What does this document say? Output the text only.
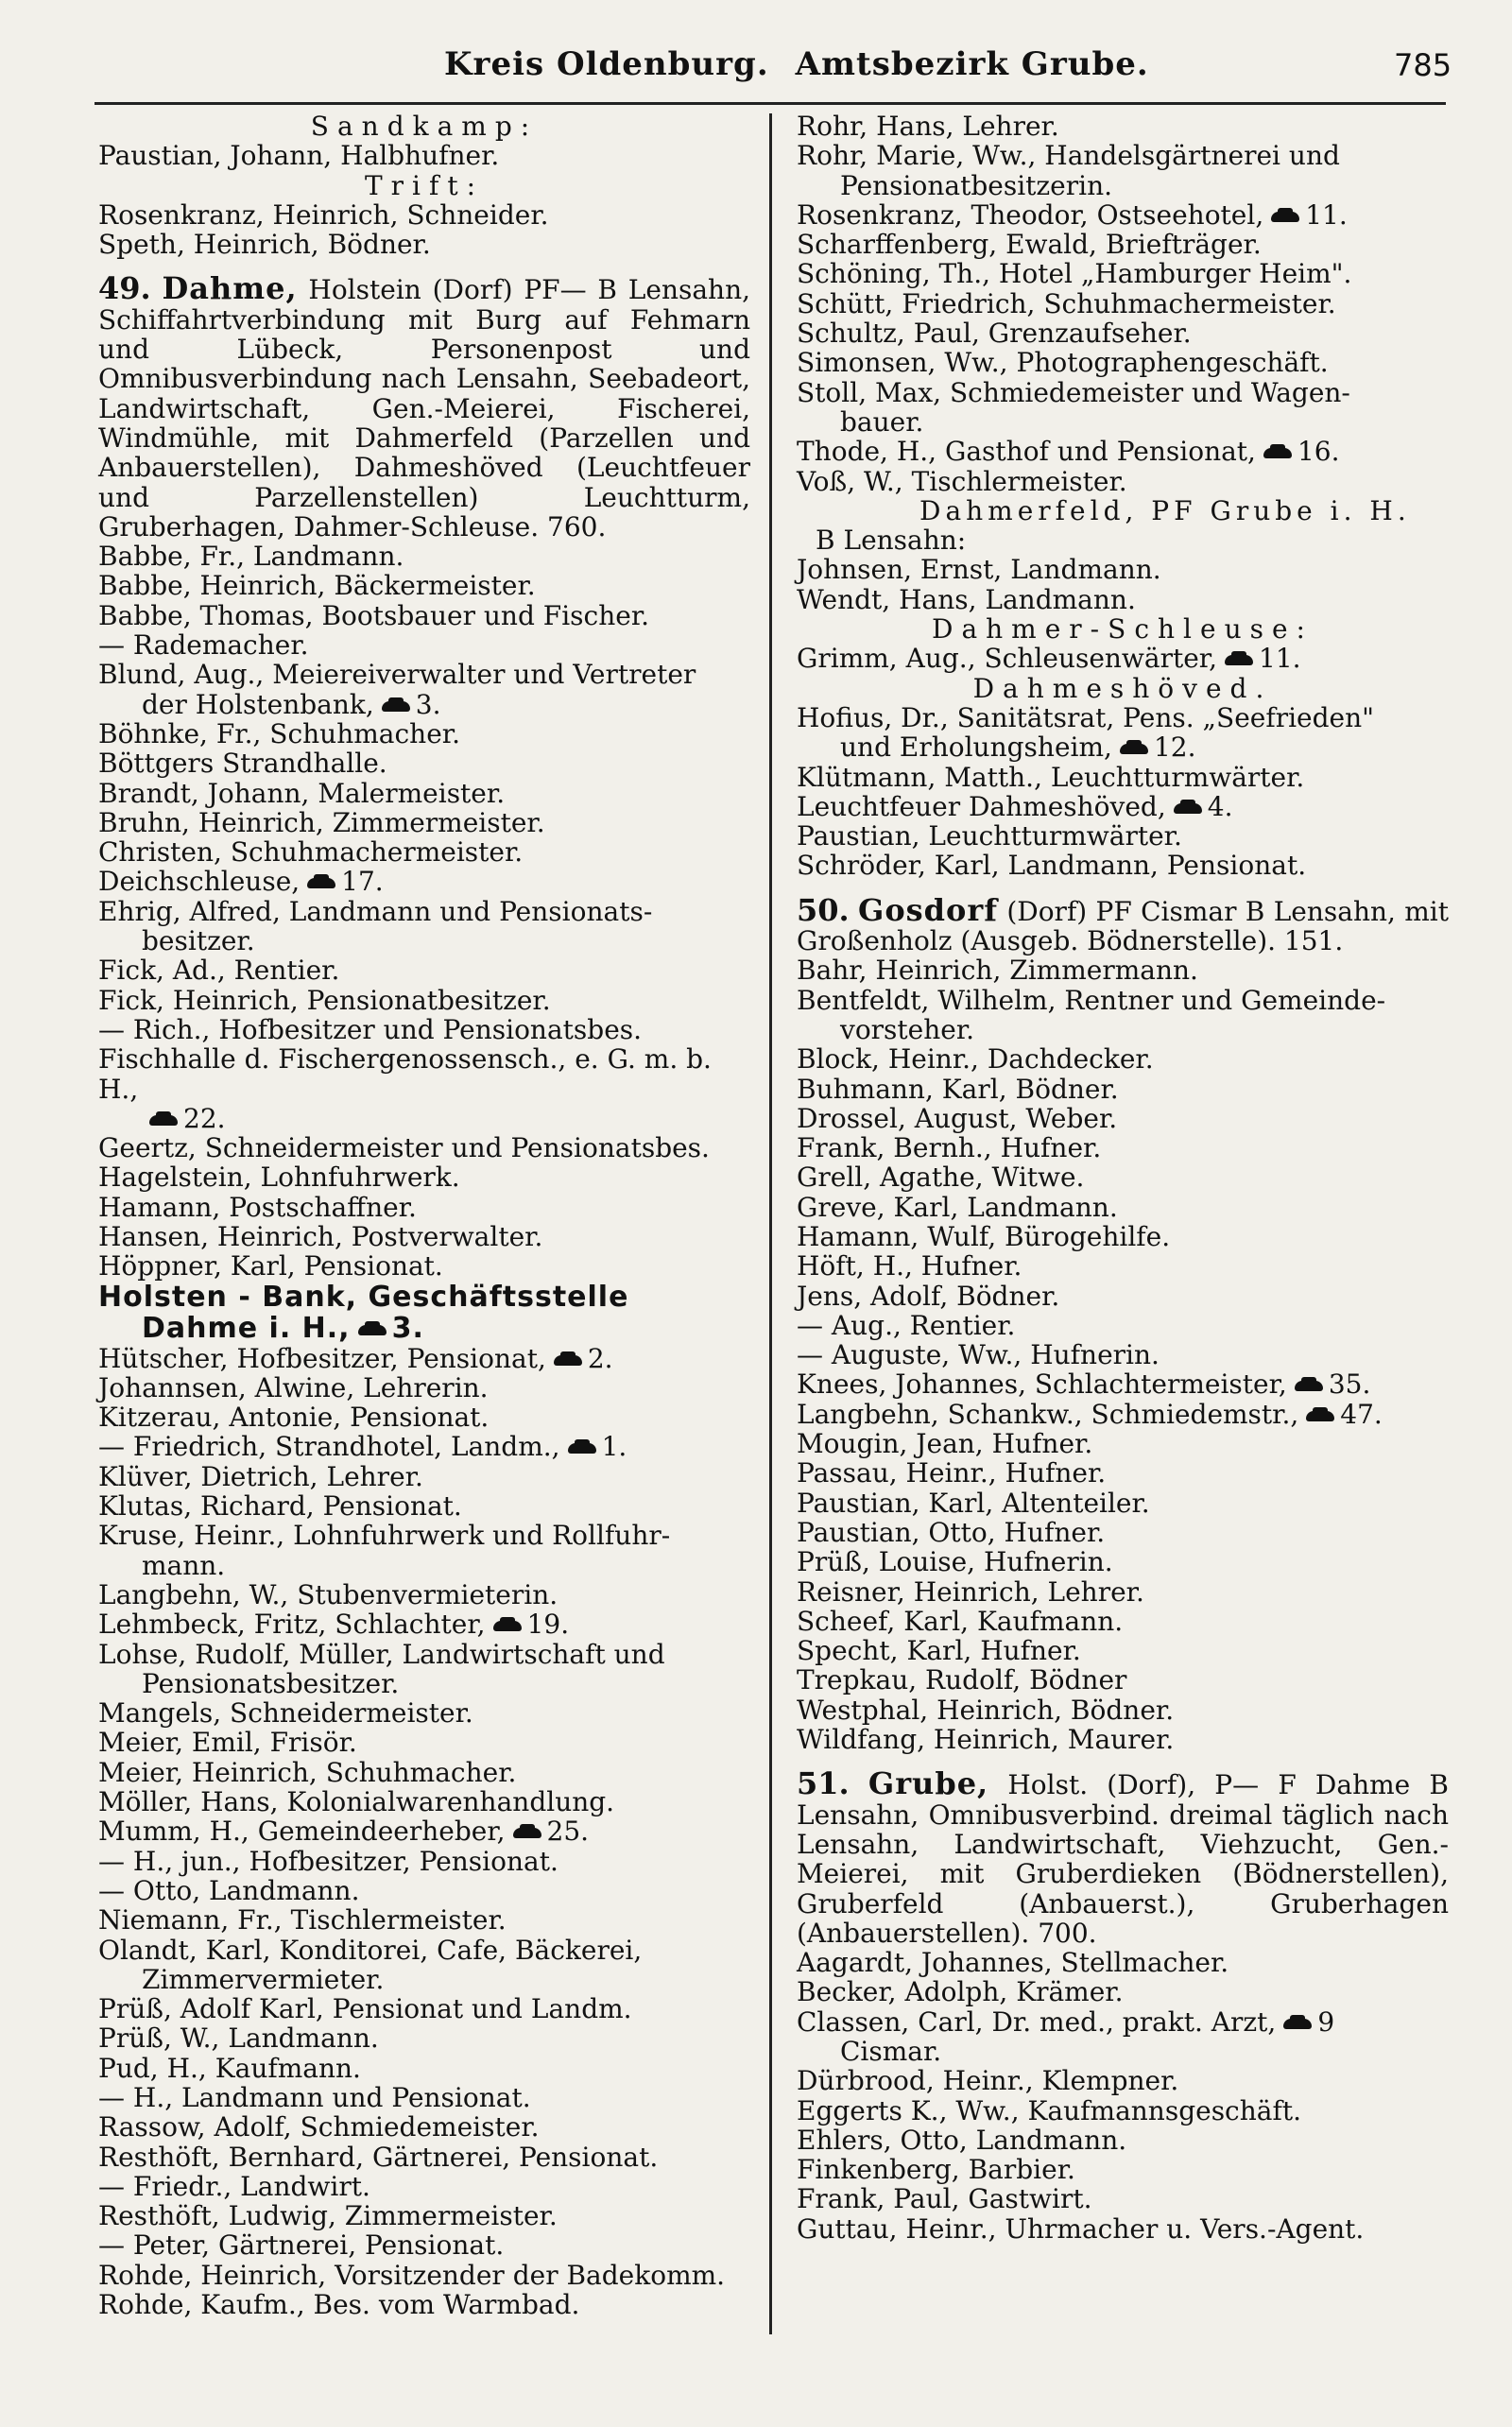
Kreis Oldenburg. Amtsbezirk Grube.	785

Sandkamp:

Paustian, Johann, Halbhufner.

Trift:

Rosenkranz, Heinrich, Schneider.

Speth, Heinrich, Bödner.

49. Dahme, Holstein (Dorf) PF— B Lensahn, Schiffahrtverbindung mit Burg auf Fehmarn und Lübeck, Personenpost und Omnibusverbindung nach Lensahn, Seebadeort, Landwirtschaft, Gen.-Meierei, Fischerei, Windmühle, mit Dahmerfeld (Parzellen und Anbauerstellen), Dahmeshöved (Leuchtfeuer und Parzellenstellen) Leuchtturm, Gruberhagen, Dahmer-Schleuse. 760.

Babbe, Fr., Landmann.

Babbe, Heinrich, Bäckermeister.

Babbe, Thomas, Bootsbauer und Fischer.

— Rademacher.

Blund, Aug., Meiereiverwalter und Vertreter
der Holstenbank, 3.

Böhnke, Fr., Schuhmacher.

Böttgers Strandhalle.

Brandt, Johann, Malermeister.

Bruhn, Heinrich, Zimmermeister.

Christen, Schuhmachermeister.

Deichschleuse, 17.

Ehrig, Alfred, Landmann und Pensionats-
besitzer.

Fick, Ad., Rentier.

Fick, Heinrich, Pensionatbesitzer.

— Rich., Hofbesitzer und Pensionatsbes.

Fischhalle d. Fischergenossensch., e. G. m. b. H.,
22.

Geertz, Schneidermeister und Pensionatsbes.

Hagelstein, Lohnfuhrwerk.

Hamann, Postschaffner.

Hansen, Heinrich, Postverwalter.

Höppner, Karl, Pensionat.

Holsten - Bank, Geschäftsstelle
Dahme i. H., 3.

Hütscher, Hofbesitzer, Pensionat, 2.

Johannsen, Alwine, Lehrerin.

Kitzerau, Antonie, Pensionat.

— Friedrich, Strandhotel, Landm., 1.

Klüver, Dietrich, Lehrer.

Klutas, Richard, Pensionat.

Kruse, Heinr., Lohnfuhrwerk und Rollfuhr-
mann.

Langbehn, W., Stubenvermieterin.

Lehmbeck, Fritz, Schlachter, 19.

Lohse, Rudolf, Müller, Landwirtschaft und
Pensionatsbesitzer.

Mangels, Schneidermeister.

Meier, Emil, Frisör.

Meier, Heinrich, Schuhmacher.

Möller, Hans, Kolonialwarenhandlung.

Mumm, H., Gemeindeerheber, 25.

— H., jun., Hofbesitzer, Pensionat.

— Otto, Landmann.

Niemann, Fr., Tischlermeister.

Olandt, Karl, Konditorei, Cafe, Bäckerei,
Zimmervermieter.

Prüß, Adolf Karl, Pensionat und Landm.

Prüß, W., Landmann.

Pud, H., Kaufmann.

— H., Landmann und Pensionat.

Rassow, Adolf, Schmiedemeister.

Resthöft, Bernhard, Gärtnerei, Pensionat.

— Friedr., Landwirt.

Resthöft, Ludwig, Zimmermeister.

— Peter, Gärtnerei, Pensionat.

Rohde, Heinrich, Vorsitzender der Badekomm.

Rohde, Kaufm., Bes. vom Warmbad.

Rohr, Hans, Lehrer.

Rohr, Marie, Ww., Handelsgärtnerei und
Pensionatbesitzerin.

Rosenkranz, Theodor, Ostseehotel, 11.

Scharffenberg, Ewald, Briefträger.

Schöning, Th., Hotel „Hamburger Heim".

Schütt, Friedrich, Schuhmachermeister.

Schultz, Paul, Grenzaufseher.

Simonsen, Ww., Photographengeschäft.

Stoll, Max, Schmiedemeister und Wagen-
bauer.

Thode, H., Gasthof und Pensionat, 16.

Voß, W., Tischlermeister.

Dahmerfeld, PF Grube i. H.
B Lensahn:

Johnsen, Ernst, Landmann.

Wendt, Hans, Landmann.

Dahmer-Schleuse:

Grimm, Aug., Schleusenwärter, 11.

Dahmeshöved.

Hofius, Dr., Sanitätsrat, Pens. „Seefrieden"
und Erholungsheim, 12.

Klütmann, Matth., Leuchtturmwärter.

Leuchtfeuer Dahmeshöved, 4.

Paustian, Leuchtturmwärter.

Schröder, Karl, Landmann, Pensionat.

50. Gosdorf (Dorf) PF Cismar B Lensahn, mit Großenholz (Ausgeb. Bödnerstelle). 151.

Bahr, Heinrich, Zimmermann.

Bentfeldt, Wilhelm, Rentner und Gemeinde-
vorsteher.

Block, Heinr., Dachdecker.

Buhmann, Karl, Bödner.

Drossel, August, Weber.

Frank, Bernh., Hufner.

Grell, Agathe, Witwe.

Greve, Karl, Landmann.

Hamann, Wulf, Bürogehilfe.

Höft, H., Hufner.

Jens, Adolf, Bödner.

— Aug., Rentier.

— Auguste, Ww., Hufnerin.

Knees, Johannes, Schlachtermeister, 35.

Langbehn, Schankw., Schmiedemstr., 47.

Mougin, Jean, Hufner.

Passau, Heinr., Hufner.

Paustian, Karl, Altenteiler.

Paustian, Otto, Hufner.

Prüß, Louise, Hufnerin.

Reisner, Heinrich, Lehrer.

Scheef, Karl, Kaufmann.

Specht, Karl, Hufner.

Trepkau, Rudolf, Bödner

Westphal, Heinrich, Bödner.

Wildfang, Heinrich, Maurer.

51. Grube, Holst. (Dorf), P— F Dahme B Lensahn, Omnibusverbind. dreimal täglich nach Lensahn, Landwirtschaft, Viehzucht, Gen.-Meierei, mit Gruberdieken (Bödnerstellen), Gruberfeld (Anbauerst.), Gruberhagen (Anbauerstellen). 700.

Aagardt, Johannes, Stellmacher.

Becker, Adolph, Krämer.

Classen, Carl, Dr. med., prakt. Arzt, 9
Cismar.

Dürbrood, Heinr., Klempner.

Eggerts K., Ww., Kaufmannsgeschäft.

Ehlers, Otto, Landmann.

Finkenberg, Barbier.

Frank, Paul, Gastwirt.

Guttau, Heinr., Uhrmacher u. Vers.-Agent.
